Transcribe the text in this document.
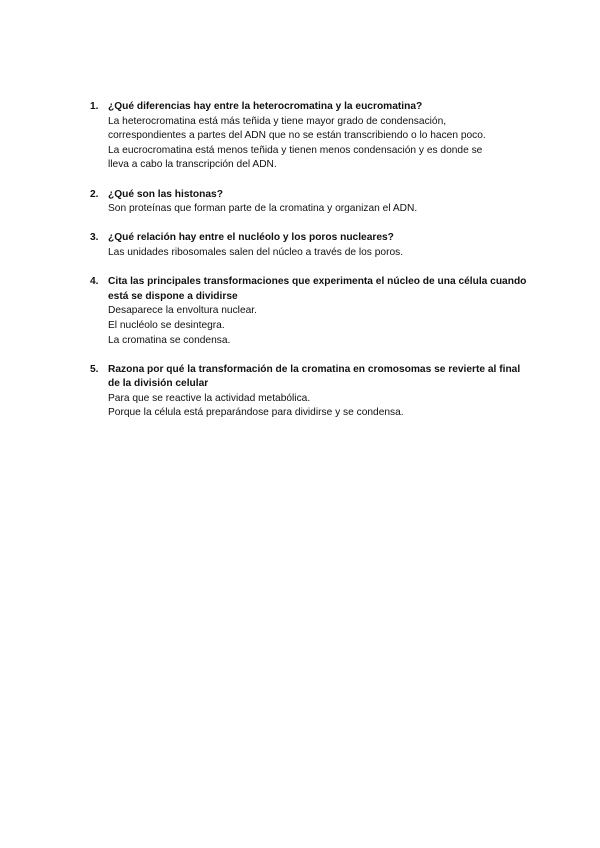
1. ¿Qué diferencias hay entre la heterocromatina y la eucromatina?
La heterocromatina está más teñida y tiene mayor grado de condensación,
correspondientes a partes del ADN que no se están transcribiendo o lo hacen poco.
La eucrocromatina está menos teñida y tienen menos condensación y es donde se
lleva a cabo la transcripción del ADN.
2. ¿Qué son las histonas?
Son proteínas que forman parte de la cromatina y organizan el ADN.
3. ¿Qué relación hay entre el nucléolo y los poros nucleares?
Las unidades ribosomales salen del núcleo a través de los poros.
4. Cita las principales transformaciones que experimenta el núcleo de una célula cuando está se dispone a dividirse
Desaparece la envoltura nuclear.
El nucléolo se desintegra.
La cromatina se condensa.
5. Razona por qué la transformación de la cromatina en cromosomas se revierte al final de la división celular
Para que se reactive la actividad metabólica.
Porque la célula está preparándose para dividirse y se condensa.
